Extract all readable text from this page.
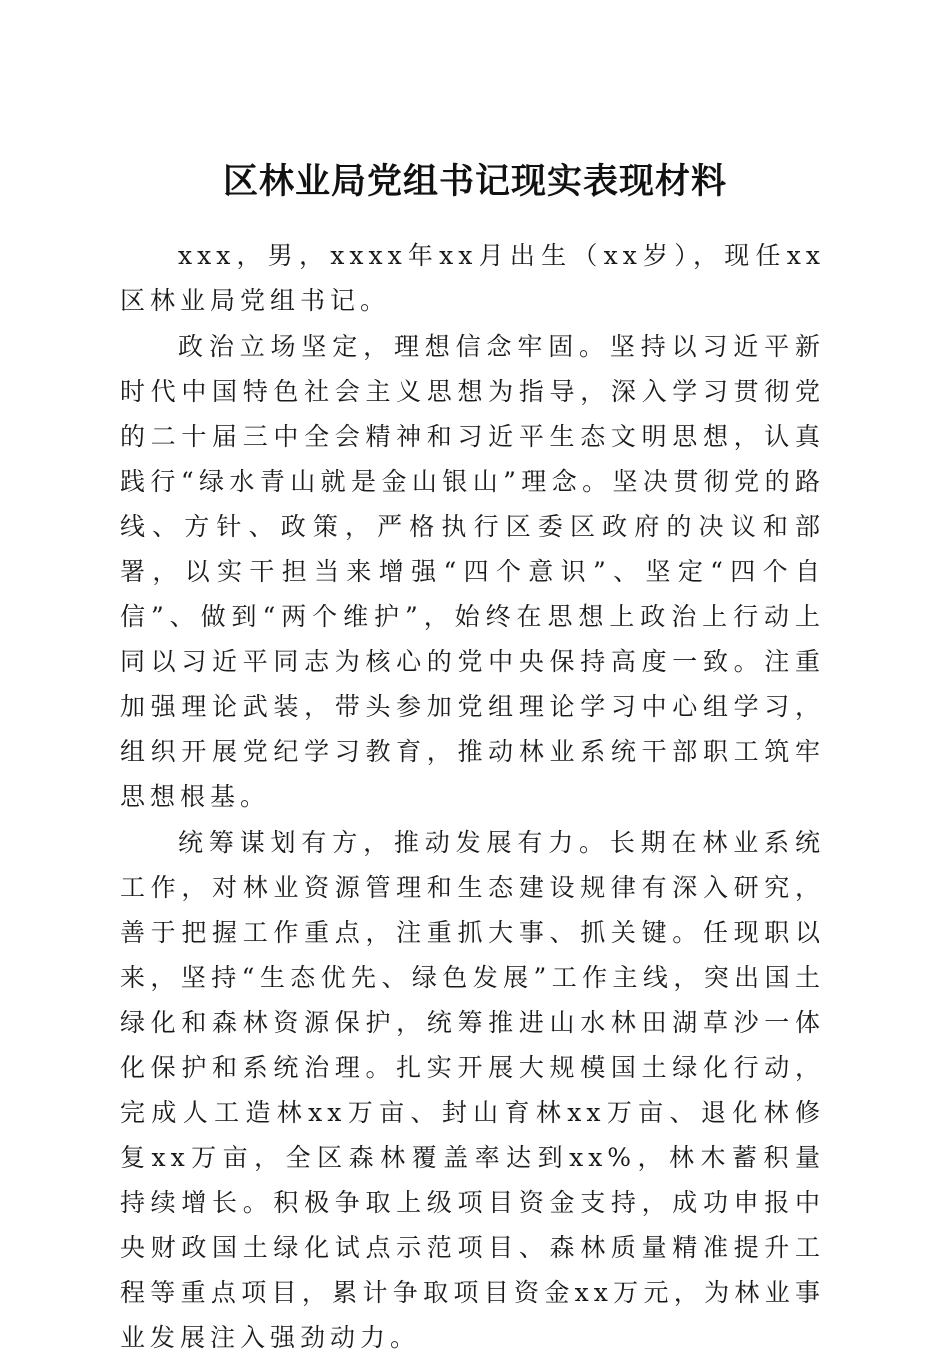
区林业局党组书记现实表现材料

xxx，男，xxxx年xx月出生（xx岁），现任xx区林业局党组书记。

政治立场坚定，理想信念牢固。坚持以习近平新时代中国特色社会主义思想为指导，深入学习贯彻党的二十届三中全会精神和习近平生态文明思想，认真践行“绿水青山就是金山银山”理念。坚决贯彻党的路线、方针、政策，严格执行区委区政府的决议和部署，以实干担当来增强“四个意识”、坚定“四个自信”、做到“两个维护”，始终在思想上政治上行动上同以习近平同志为核心的党中央保持高度一致。注重加强理论武装，带头参加党组理论学习中心组学习，组织开展党纪学习教育，推动林业系统干部职工筑牢思想根基。

统筹谋划有方，推动发展有力。长期在林业系统工作，对林业资源管理和生态建设规律有深入研究，善于把握工作重点，注重抓大事、抓关键。任现职以来，坚持“生态优先、绿色发展”工作主线，突出国土绿化和森林资源保护，统筹推进山水林田湖草沙一体化保护和系统治理。扎实开展大规模国土绿化行动，完成人工造林xx万亩、封山育林xx万亩、退化林修复xx万亩，全区森林覆盖率达到xx%，林木蓄积量持续增长。积极争取上级项目资金支持，成功申报中央财政国土绿化试点示范项目、森林质量精准提升工程等重点项目，累计争取项目资金xx万元，为林业事业发展注入强劲动力。
